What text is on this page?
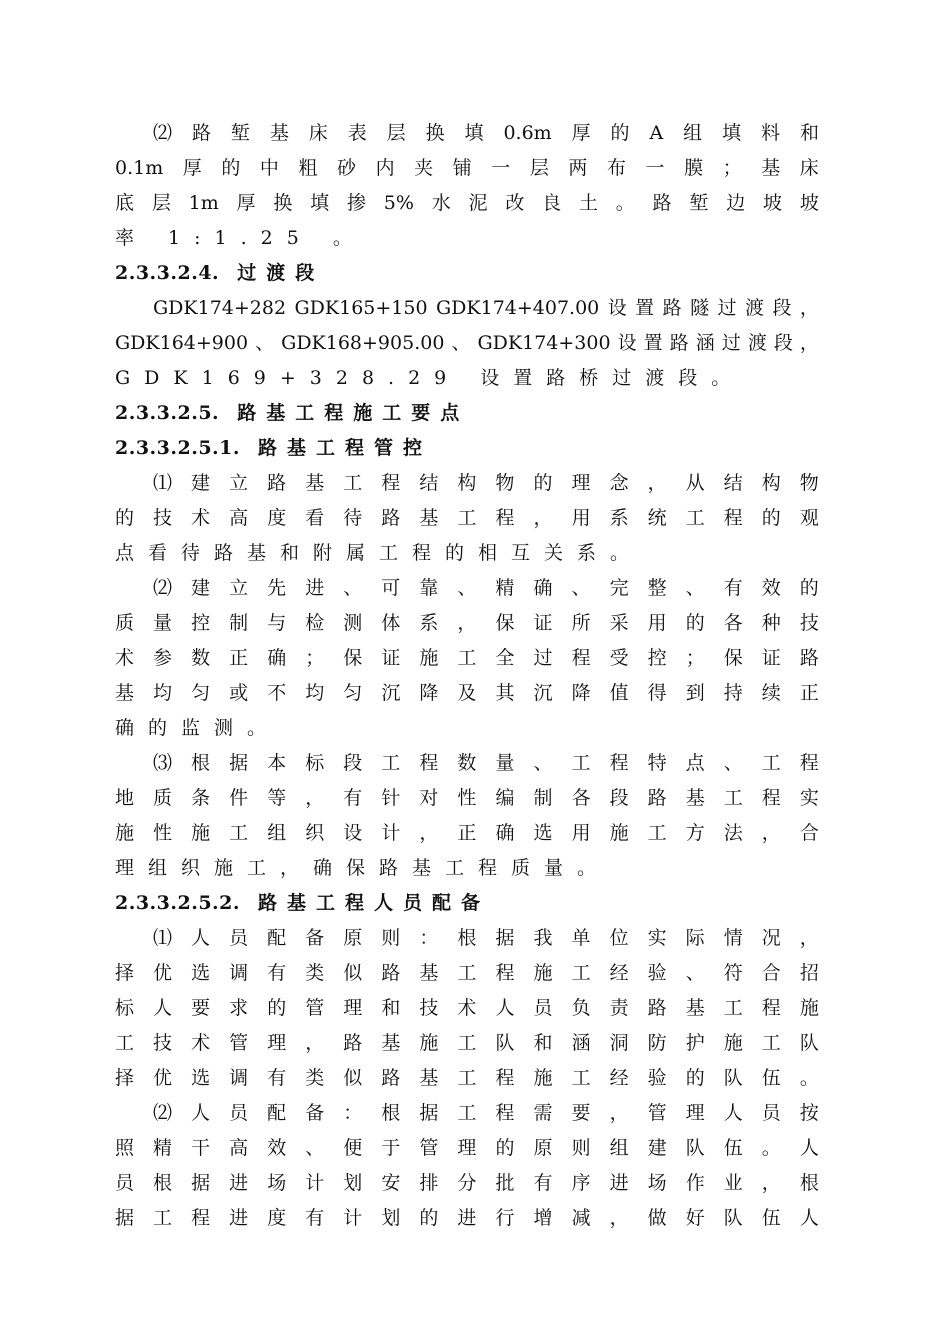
⑵ 路 堑 基 床 表 层 换 填 0.6m 厚 的 A 组 填 料 和
0.1m 厚 的 中 粗 砂 内 夹 铺 一 层 两 布 一 膜 ； 基 床
底 层 1m 厚 换 填 掺 5% 水 泥 改 良 土 。 路 堑 边 坡 坡
率 1:1.25 。
2.3.3.2.4. 过渡段
GDK174+282 GDK165+150 GDK174+407.00 设 置 路 隧 过 渡 段 ，
GDK164+900 、 GDK168+905.00 、 GDK174+300 设 置 路 涵 过 渡 段 ，
GDK169+328.29 设置路桥过渡段。
2.3.3.2.5. 路基工程施工要点
2.3.3.2.5.1. 路基工程管控
⑴ 建 立 路 基 工 程 结 构 物 的 理 念 ， 从 结 构 物
的 技 术 高 度 看 待 路 基 工 程 ， 用 系 统 工 程 的 观
点看待路基和附属工程的相互关系。
⑵ 建 立 先 进 、 可 靠 、 精 确 、 完 整 、 有 效 的
质 量 控 制 与 检 测 体 系 ， 保 证 所 采 用 的 各 种 技
术 参 数 正 确 ； 保 证 施 工 全 过 程 受 控 ； 保 证 路
基 均 匀 或 不 均 匀 沉 降 及 其 沉 降 值 得 到 持 续 正
确的监测。
⑶ 根 据 本 标 段 工 程 数 量 、 工 程 特 点 、 工 程
地 质 条 件 等 ， 有 针 对 性 编 制 各 段 路 基 工 程 实
施 性 施 工 组 织 设 计 ， 正 确 选 用 施 工 方 法 ， 合
理组织施工，确保路基工程质量。
2.3.3.2.5.2. 路基工程人员配备
⑴ 人 员 配 备 原 则 ： 根 据 我 单 位 实 际 情 况 ，
择 优 选 调 有 类 似 路 基 工 程 施 工 经 验 、 符 合 招
标 人 要 求 的 管 理 和 技 术 人 员 负 责 路 基 工 程 施
工 技 术 管 理 ， 路 基 施 工 队 和 涵 洞 防 护 施 工 队
择 优 选 调 有 类 似 路 基 工 程 施 工 经 验 的 队 伍 。
⑵ 人 员 配 备 ： 根 据 工 程 需 要 ， 管 理 人 员 按
照 精 干 高 效 、 便 于 管 理 的 原 则 组 建 队 伍 。 人
员 根 据 进 场 计 划 安 排 分 批 有 序 进 场 作 业 ， 根
据 工 程 进 度 有 计 划 的 进 行 增 减 ， 做 好 队 伍 人
